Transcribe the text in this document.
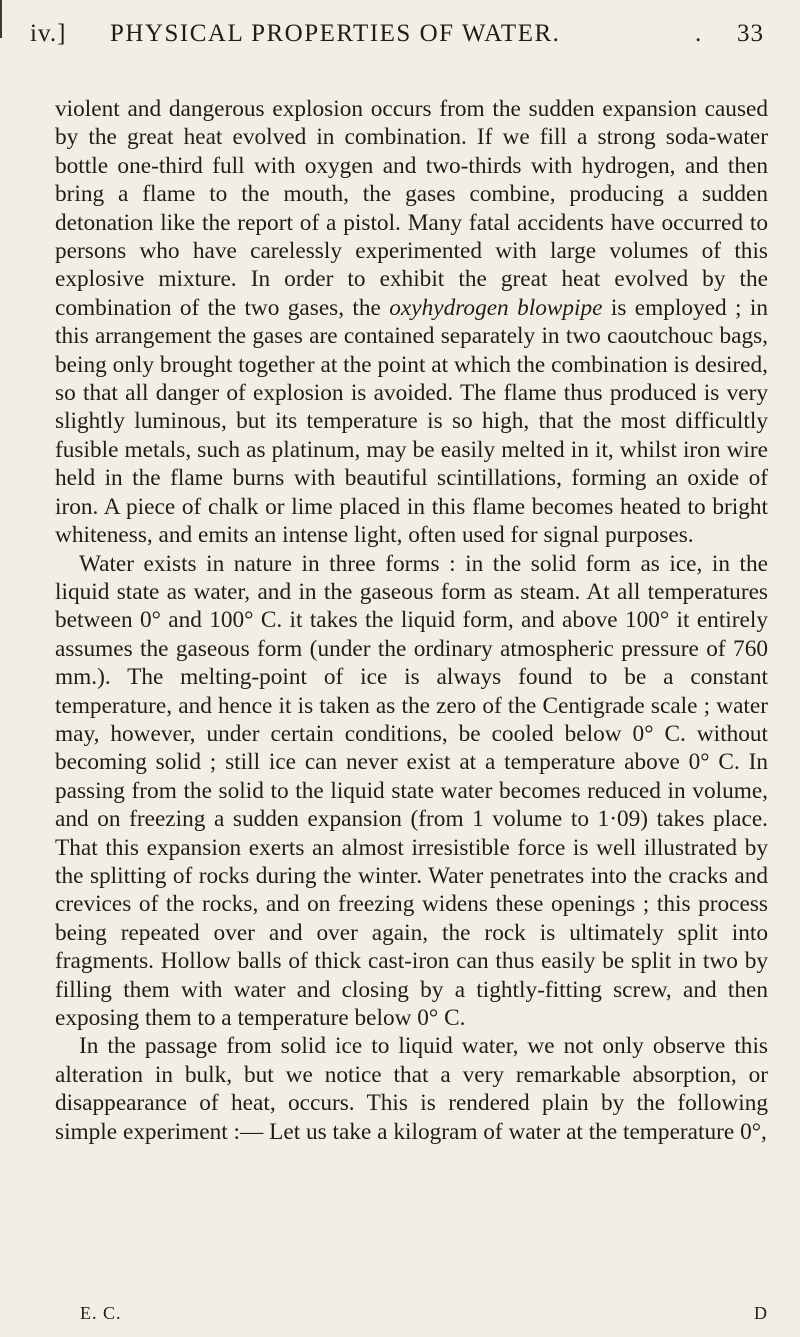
iv.] PHYSICAL PROPERTIES OF WATER.	. 33

violent and dangerous explosion occurs from the sudden expansion caused by the great heat evolved in combination. If we fill a strong soda-water bottle one-third full with oxygen and two-thirds with hydrogen, and then bring a flame to the mouth, the gases combine, producing a sudden detonation like the report of a pistol. Many fatal accidents have occurred to persons who have carelessly experimented with large volumes of this explosive mixture. In order to exhibit the great heat evolved by the combination of the two gases, the oxyhydrogen blowpipe is employed ; in this arrangement the gases are contained separately in two caoutchouc bags, being only brought together at the point at which the combination is desired, so that all danger of explosion is avoided. The flame thus produced is very slightly luminous, but its temperature is so high, that the most difficultly fusible metals, such as platinum, may be easily melted in it, whilst iron wire held in the flame burns with beautiful scintillations, forming an oxide of iron. A piece of chalk or lime placed in this flame becomes heated to bright whiteness, and emits an intense light, often used for signal purposes.

Water exists in nature in three forms : in the solid form as ice, in the liquid state as water, and in the gaseous form as steam. At all temperatures between 0° and 100° C. it takes the liquid form, and above 100° it entirely assumes the gaseous form (under the ordinary atmospheric pressure of 760 mm.). The melting-point of ice is always found to be a constant temperature, and hence it is taken as the zero of the Centigrade scale ; water may, however, under certain conditions, be cooled below 0° C. without becoming solid ; still ice can never exist at a temperature above 0° C. In passing from the solid to the liquid state water becomes reduced in volume, and on freezing a sudden expansion (from 1 volume to 1·09) takes place. That this expansion exerts an almost irresistible force is well illustrated by the splitting of rocks during the winter. Water penetrates into the cracks and crevices of the rocks, and on freezing widens these openings ; this process being repeated over and over again, the rock is ultimately split into fragments. Hollow balls of thick cast-iron can thus easily be split in two by filling them with water and closing by a tightly-fitting screw, and then exposing them to a temperature below 0° C.

In the passage from solid ice to liquid water, we not only observe this alteration in bulk, but we notice that a very remarkable absorption, or disappearance of heat, occurs. This is rendered plain by the following simple experiment :— Let us take a kilogram of water at the temperature 0°,

E. C.	D
